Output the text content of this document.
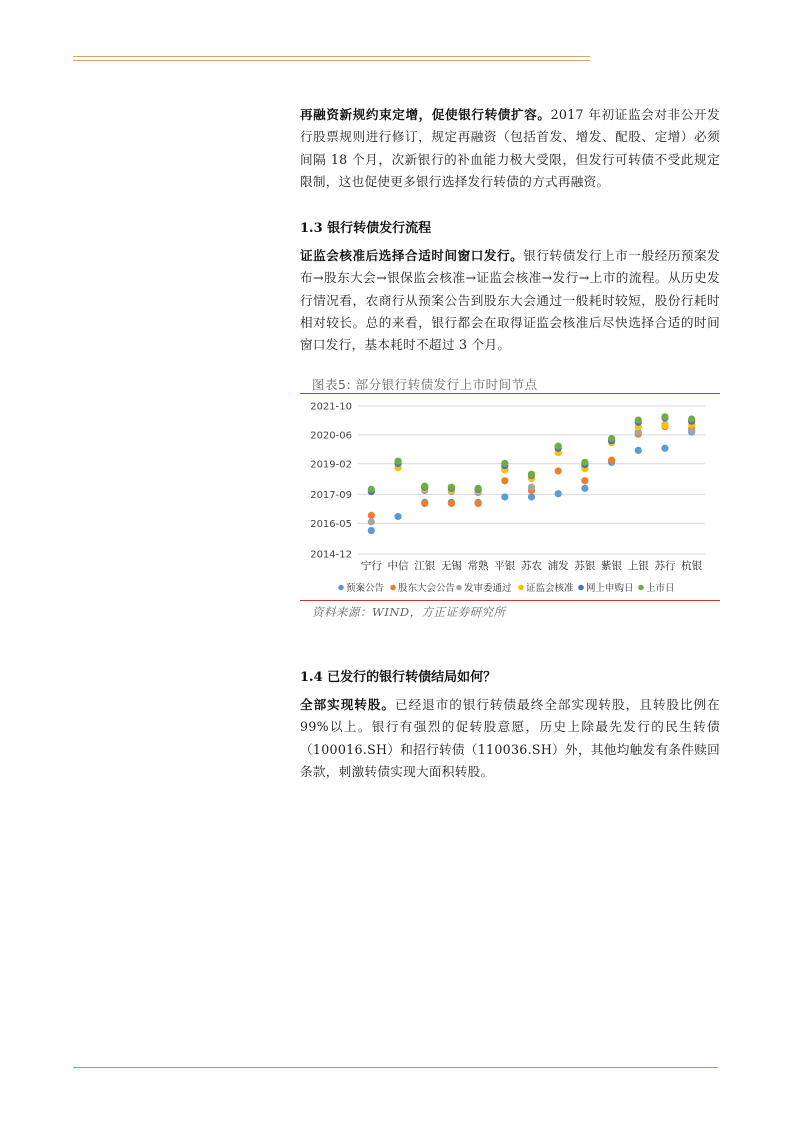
再融资新规约束定增，促使银行转债扩容。2017 年初证监会对非公开发行股票规则进行修订，规定再融资（包括首发、增发、配股、定增）必须间隔 18 个月，次新银行的补血能力极大受限，但发行可转债不受此规定限制，这也促使更多银行选择发行转债的方式再融资。

1.3 银行转债发行流程

证监会核准后选择合适时间窗口发行。银行转债发行上市一般经历预案发布→股东大会→银保监会核准→证监会核准→发行→上市的流程。从历史发行情况看，农商行从预案公告到股东大会通过一般耗时较短，股份行耗时相对较长。总的来看，银行都会在取得证监会核准后尽快选择合适的时间窗口发行，基本耗时不超过 3 个月。

图表5: 部分银行转债发行上市时间节点
2014-12
2016-05
2017-09
2019-02
2020-06
2021-10
宁行 中信 江银 无锡 常熟 平银 苏农 浦发 苏银 紫银 上银 苏行 杭银
预案公告 股东大会公告 发审委通过 证监会核准 网上申购日 上市日
资料来源：WIND，方正证券研究所

1.4 已发行的银行转债结局如何？

全部实现转股。已经退市的银行转债最终全部实现转股，且转股比例在 99%以上。银行有强烈的促转股意愿，历史上除最先发行的民生转债（100016.SH）和招行转债（110036.SH）外，其他均触发有条件赎回条款，刺激转债实现大面积转股。
